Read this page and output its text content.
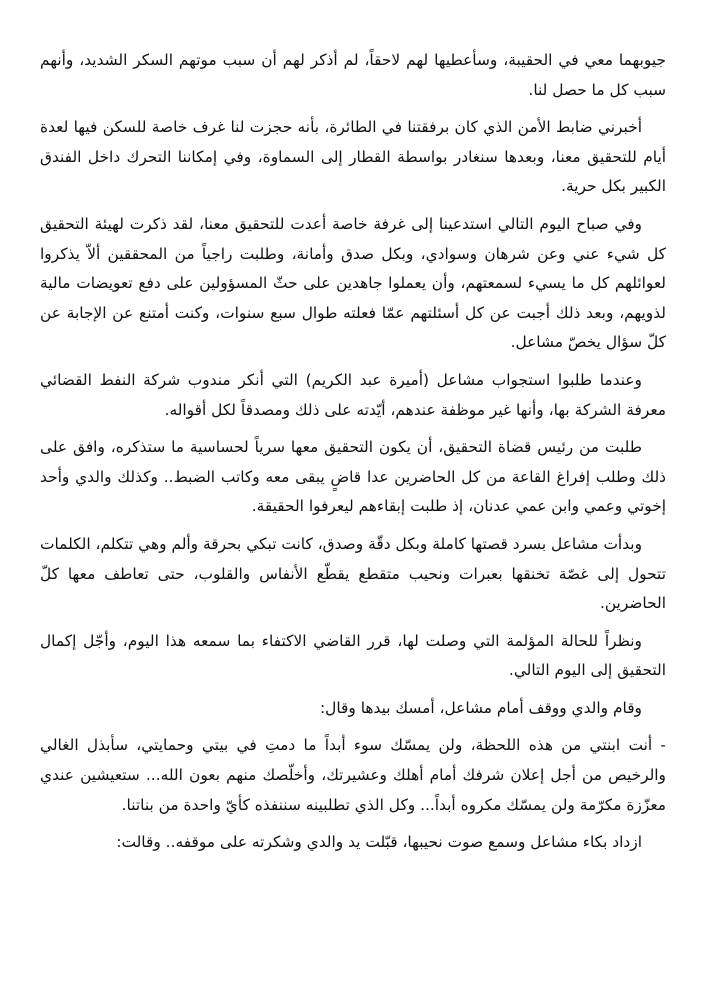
جيوبهما معي في الحقيبة، وسأعطيها لهم لاحقاً، لم أذكر لهم أن سبب موتهم السكر الشديد، وأنهم سبب كل ما حصل لنا.

أخبرني ضابط الأمن الذي كان برفقتنا في الطائرة، بأنه حجزت لنا غرف خاصة للسكن فيها لعدة أيام للتحقيق معنا، وبعدها سنغادر بواسطة القطار إلى السماوة، وفي إمكاننا التحرك داخل الفندق الكبير بكل حرية.

وفي صباح اليوم التالي استدعينا إلى غرفة خاصة أعدت للتحقيق معنا، لقد ذكرت لهيئة التحقيق كل شيء عني وعن شرهان وسوادي، وبكل صدق وأمانة، وطلبت راجياً من المحققين ألاّ يذكروا لعوائلهم كل ما يسيء لسمعتهم، وأن يعملوا جاهدين على حثّ المسؤولين على دفع تعويضات مالية لذويهم، وبعد ذلك أجبت عن كل أسئلتهم عمّا فعلته طوال سبع سنوات، وكنت أمتنع عن الإجابة عن كلّ سؤال يخصّ مشاعل.

وعندما طلبوا استجواب مشاعل (أميرة عبد الكريم) التي أنكر مندوب شركة النفط القضائي معرفة الشركة بها، وأنها غير موظفة عندهم، أيّدته على ذلك ومصدقاً لكل أقواله.

طلبت من رئيس قضاة التحقيق، أن يكون التحقيق معها سرياً لحساسية ما ستذكره، وافق على ذلك وطلب إفراغ القاعة من كل الحاضرين عدا قاضٍ يبقى معه وكاتب الضبط.. وكذلك والدي وأحد إخوتي وعمي وابن عمي عدنان، إذ طلبت إبقاءهم ليعرفوا الحقيقة.

وبدأت مشاعل بسرد قصتها كاملة وبكل دقّة وصدق، كانت تبكي بحرقة وألم وهي تتكلم، الكلمات تتحول إلى غصّة تخنقها بعبرات ونحيب متقطع يقطّع الأنفاس والقلوب، حتى تعاطف معها كلّ الحاضرين.

ونظراً للحالة المؤلمة التي وصلت لها، قرر القاضي الاكتفاء بما سمعه هذا اليوم، وأجّل إكمال التحقيق إلى اليوم التالي.

وقام والدي ووقف أمام مشاعل، أمسك بيدها وقال:

- أنت ابنتي من هذه اللحظة، ولن يمسّك سوء أبداً ما دمتِ في بيتي وحمايتي، سأبذل الغالي والرخيص من أجل إعلان شرفك أمام أهلك وعشيرتك، وأخلّصك منهم بعون الله... ستعيشين عندي معزّزة مكرّمة ولن يمسّك مكروه أبداً... وكل الذي تطلبينه سننفذه كأيّ واحدة من بناتنا.

ازداد بكاء مشاعل وسمع صوت نحيبها، قبّلت يد والدي وشكرته على موقفه.. وقالت:
